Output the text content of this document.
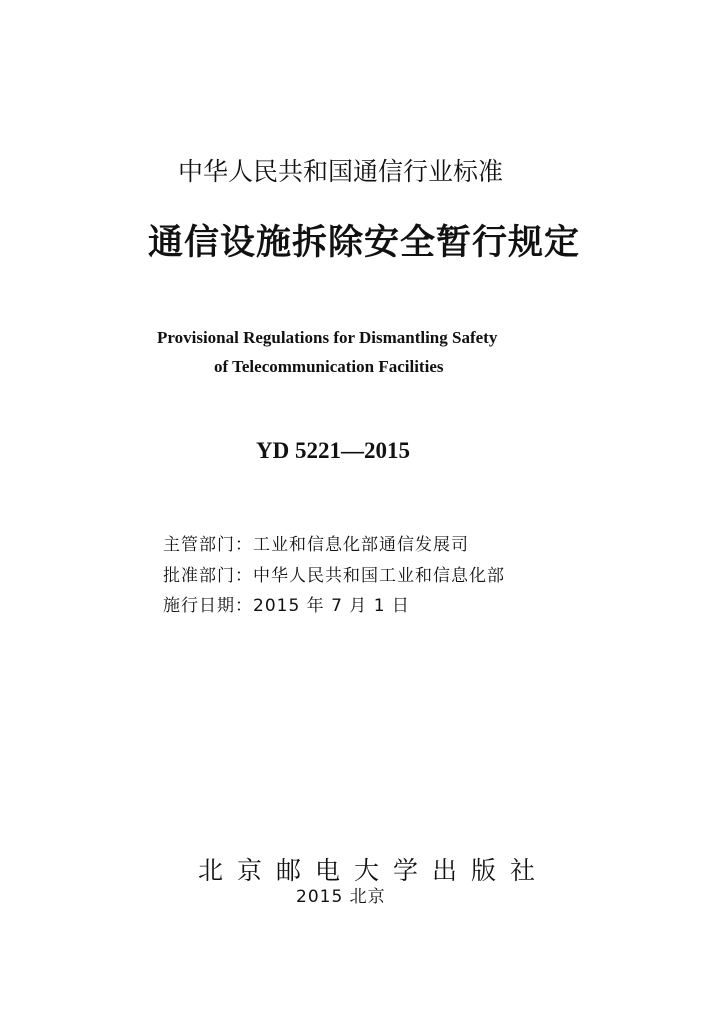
中华人民共和国通信行业标准
通信设施拆除安全暂行规定
Provisional Regulations for Dismantling Safety
of Telecommunication Facilities
YD 5221—2015
主管部门：工业和信息化部通信发展司
批准部门：中华人民共和国工业和信息化部
施行日期：2015 年 7 月 1 日
北京邮电大学出版社
2015 北京
